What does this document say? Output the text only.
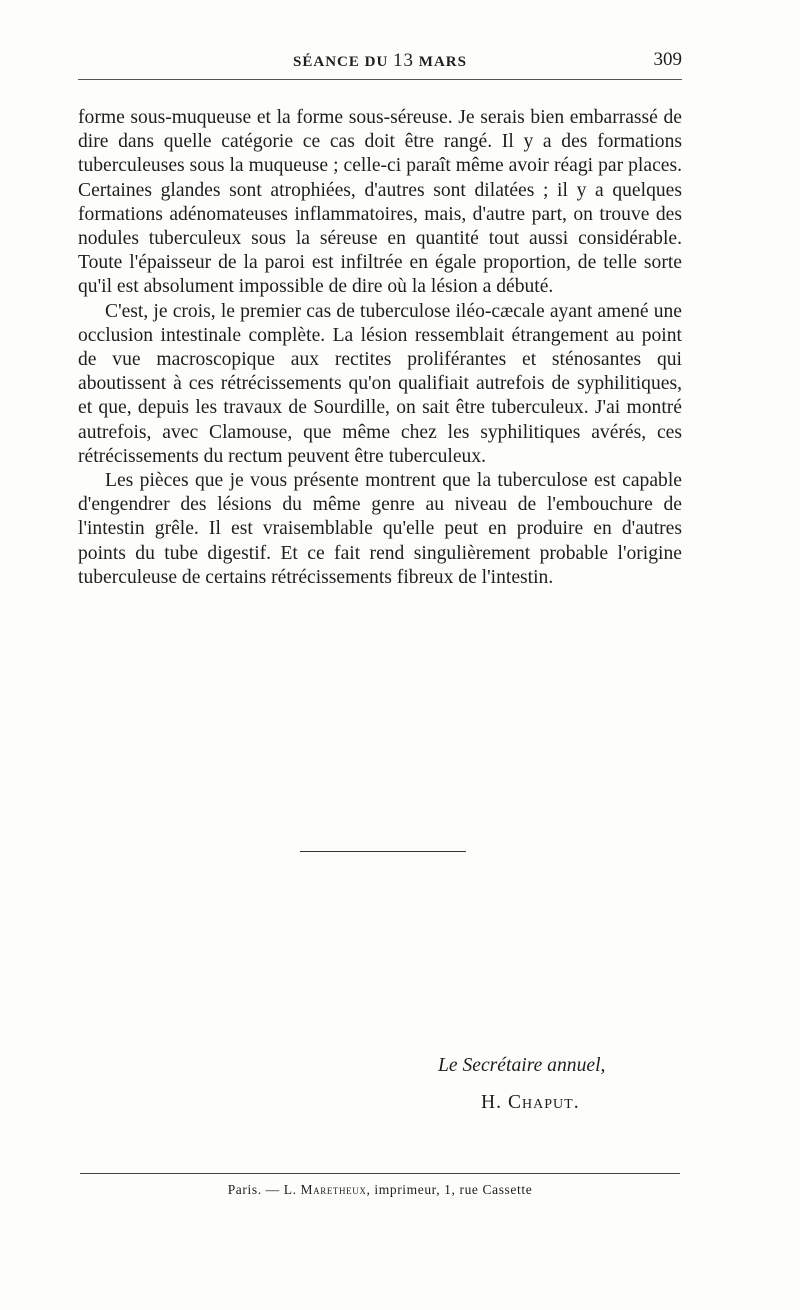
SÉANCE DU 13 MARS	309

forme sous-muqueuse et la forme sous-séreuse. Je serais bien embarrassé de dire dans quelle catégorie ce cas doit être rangé. Il y a des formations tuberculeuses sous la muqueuse ; celle-ci paraît même avoir réagi par places. Certaines glandes sont atrophiées, d'autres sont dilatées ; il y a quelques formations adénomateuses inflammatoires, mais, d'autre part, on trouve des nodules tuberculeux sous la séreuse en quantité tout aussi considérable. Toute l'épaisseur de la paroi est infiltrée en égale proportion, de telle sorte qu'il est absolument impossible de dire où la lésion a débuté.

C'est, je crois, le premier cas de tuberculose iléo-cæcale ayant amené une occlusion intestinale complète. La lésion ressemblait étrangement au point de vue macroscopique aux rectites proliférantes et sténosantes qui aboutissent à ces rétrécissements qu'on qualifiait autrefois de syphilitiques, et que, depuis les travaux de Sourdille, on sait être tuberculeux. J'ai montré autrefois, avec Clamouse, que même chez les syphilitiques avérés, ces rétrécissements du rectum peuvent être tuberculeux.

Les pièces que je vous présente montrent que la tuberculose est capable d'engendrer des lésions du même genre au niveau de l'embouchure de l'intestin grêle. Il est vraisemblable qu'elle peut en produire en d'autres points du tube digestif. Et ce fait rend singulièrement probable l'origine tuberculeuse de certains rétrécissements fibreux de l'intestin.

Le Secrétaire annuel,
H. Chaput.
Paris. — L. Maretheux, imprimeur, 1, rue Cassette
